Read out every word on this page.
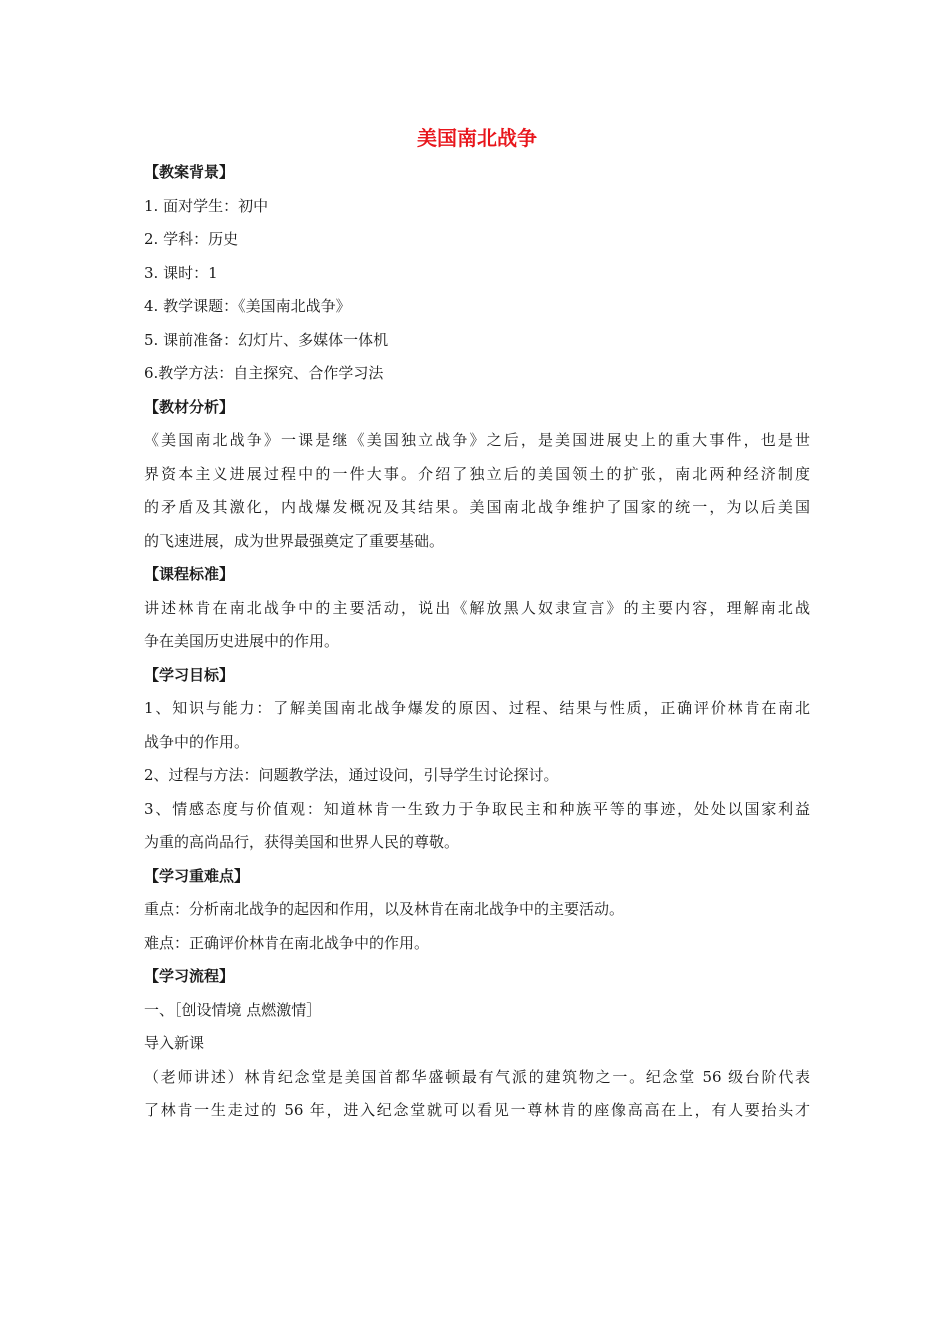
美国南北战争
【教案背景】
1. 面对学生：初中
2. 学科：历史
3. 课时：1
4. 教学课题：《美国南北战争》
5. 课前准备：幻灯片、多媒体一体机
6.教学方法：自主探究、合作学习法
【教材分析】
《美国南北战争》一课是继《美国独立战争》之后，是美国进展史上的重大事件，也是世
界资本主义进展过程中的一件大事。介绍了独立后的美国领土的扩张，南北两种经济制度
的矛盾及其激化，内战爆发概况及其结果。美国南北战争维护了国家的统一，为以后美国
的飞速进展，成为世界最强奠定了重要基础。
【课程标准】
讲述林肯在南北战争中的主要活动，说出《解放黑人奴隶宣言》的主要内容，理解南北战
争在美国历史进展中的作用。
【学习目标】
1、知识与能力：了解美国南北战争爆发的原因、过程、结果与性质，正确评价林肯在南北
战争中的作用。
2、过程与方法：问题教学法，通过设问，引导学生讨论探讨。
3、情感态度与价值观：知道林肯一生致力于争取民主和种族平等的事迹，处处以国家利益
为重的高尚品行，获得美国和世界人民的尊敬。
【学习重难点】
重点：分析南北战争的起因和作用，以及林肯在南北战争中的主要活动。
难点：正确评价林肯在南北战争中的作用。
【学习流程】
一、［创设情境 点燃激情］
导入新课
（老师讲述）林肯纪念堂是美国首都华盛顿最有气派的建筑物之一。纪念堂 56 级台阶代表
了林肯一生走过的 56 年，进入纪念堂就可以看见一尊林肯的座像高高在上，有人要抬头才
